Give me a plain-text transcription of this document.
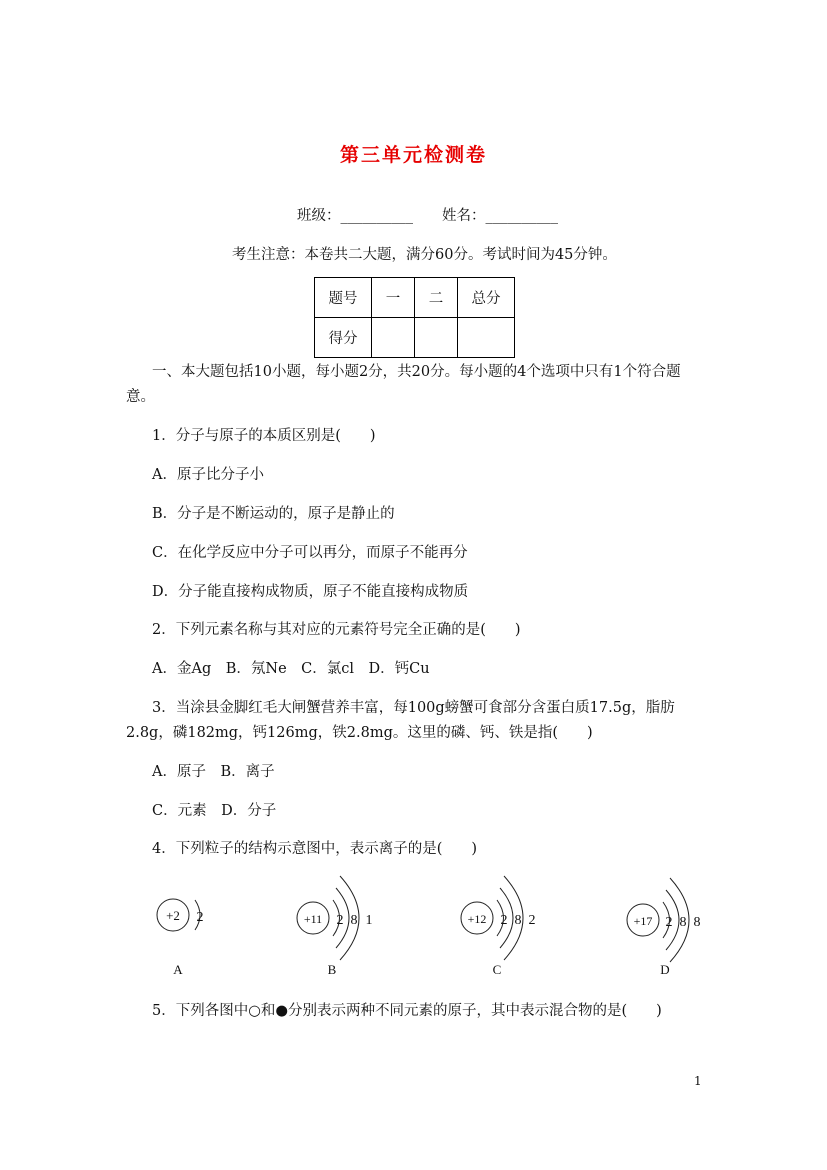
第三单元检测卷
班级：__________ 姓名：__________
考生注意：本卷共二大题，满分60分。考试时间为45分钟。
题号	一	二	总分
得分			
一、本大题包括10小题，每小题2分，共20分。每小题的4个选项中只有1个符合题
意。
1．分子与原子的本质区别是(　　)
A．原子比分子小
B．分子是不断运动的，原子是静止的
C．在化学反应中分子可以再分，而原子不能再分
D．分子能直接构成物质，原子不能直接构成物质
2．下列元素名称与其对应的元素符号完全正确的是(　　)
A．金Ag　B．氖Ne　C．氯cl　D．钙Cu
3．当涂县金脚红毛大闸蟹营养丰富，每100g螃蟹可食部分含蛋白质17.5g，脂肪
2.8g，磷182mg，钙126mg，铁2.8mg。这里的磷、钙、铁是指(　　)
A．原子　B．离子
C．元素　D．分子
4．下列粒子的结构示意图中，表示离子的是(　　)
+2 2
A
+11 2 8 1
B
+12 2 8 2
C
+17 2 8 8
D
5．下列各图中○和●分别表示两种不同元素的原子，其中表示混合物的是(　　)
1
